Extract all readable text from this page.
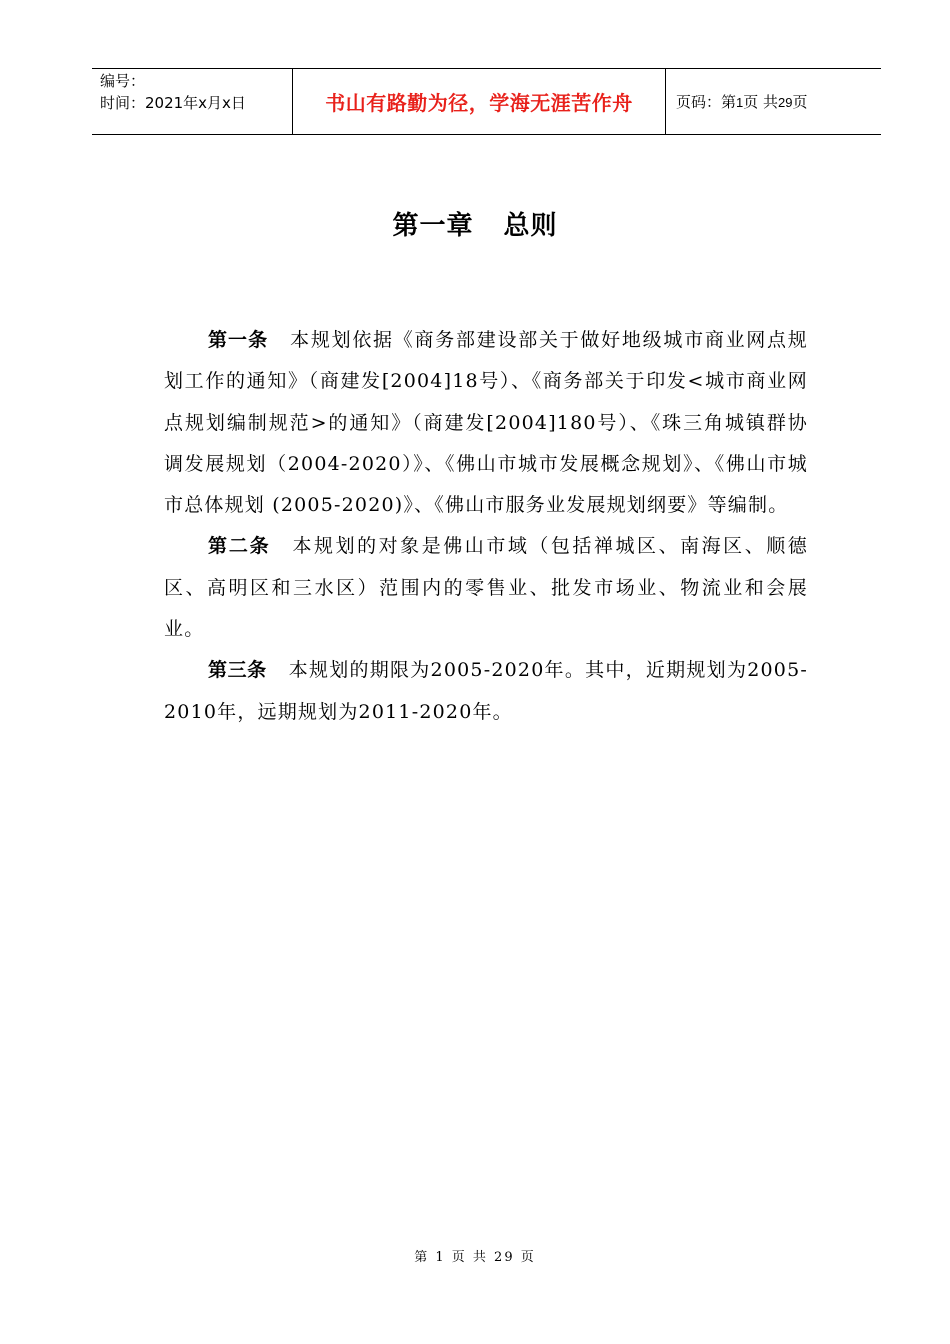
编号：
时间：2021年x月x日	书山有路勤为径，学海无涯苦作舟	页码：第1页 共29页
第一章 总则

第一条 本规划依据《商务部建设部关于做好地级城市商业网点规划工作的通知》（商建发[2004]18号）、《商务部关于印发<城市商业网点规划编制规范>的通知》（商建发[2004]180号）、《珠三角城镇群协调发展规划（2004-2020）》、《佛山市城市发展概念规划》、《佛山市城市总体规划 (2005-2020)》、《佛山市服务业发展规划纲要》等编制。

第二条 本规划的对象是佛山市域（包括禅城区、南海区、顺德区、高明区和三水区）范围内的零售业、批发市场业、物流业和会展业。

第三条 本规划的期限为2005-2020年。其中，近期规划为2005-2010年，远期规划为2011-2020年。

第 1 页 共 29 页
